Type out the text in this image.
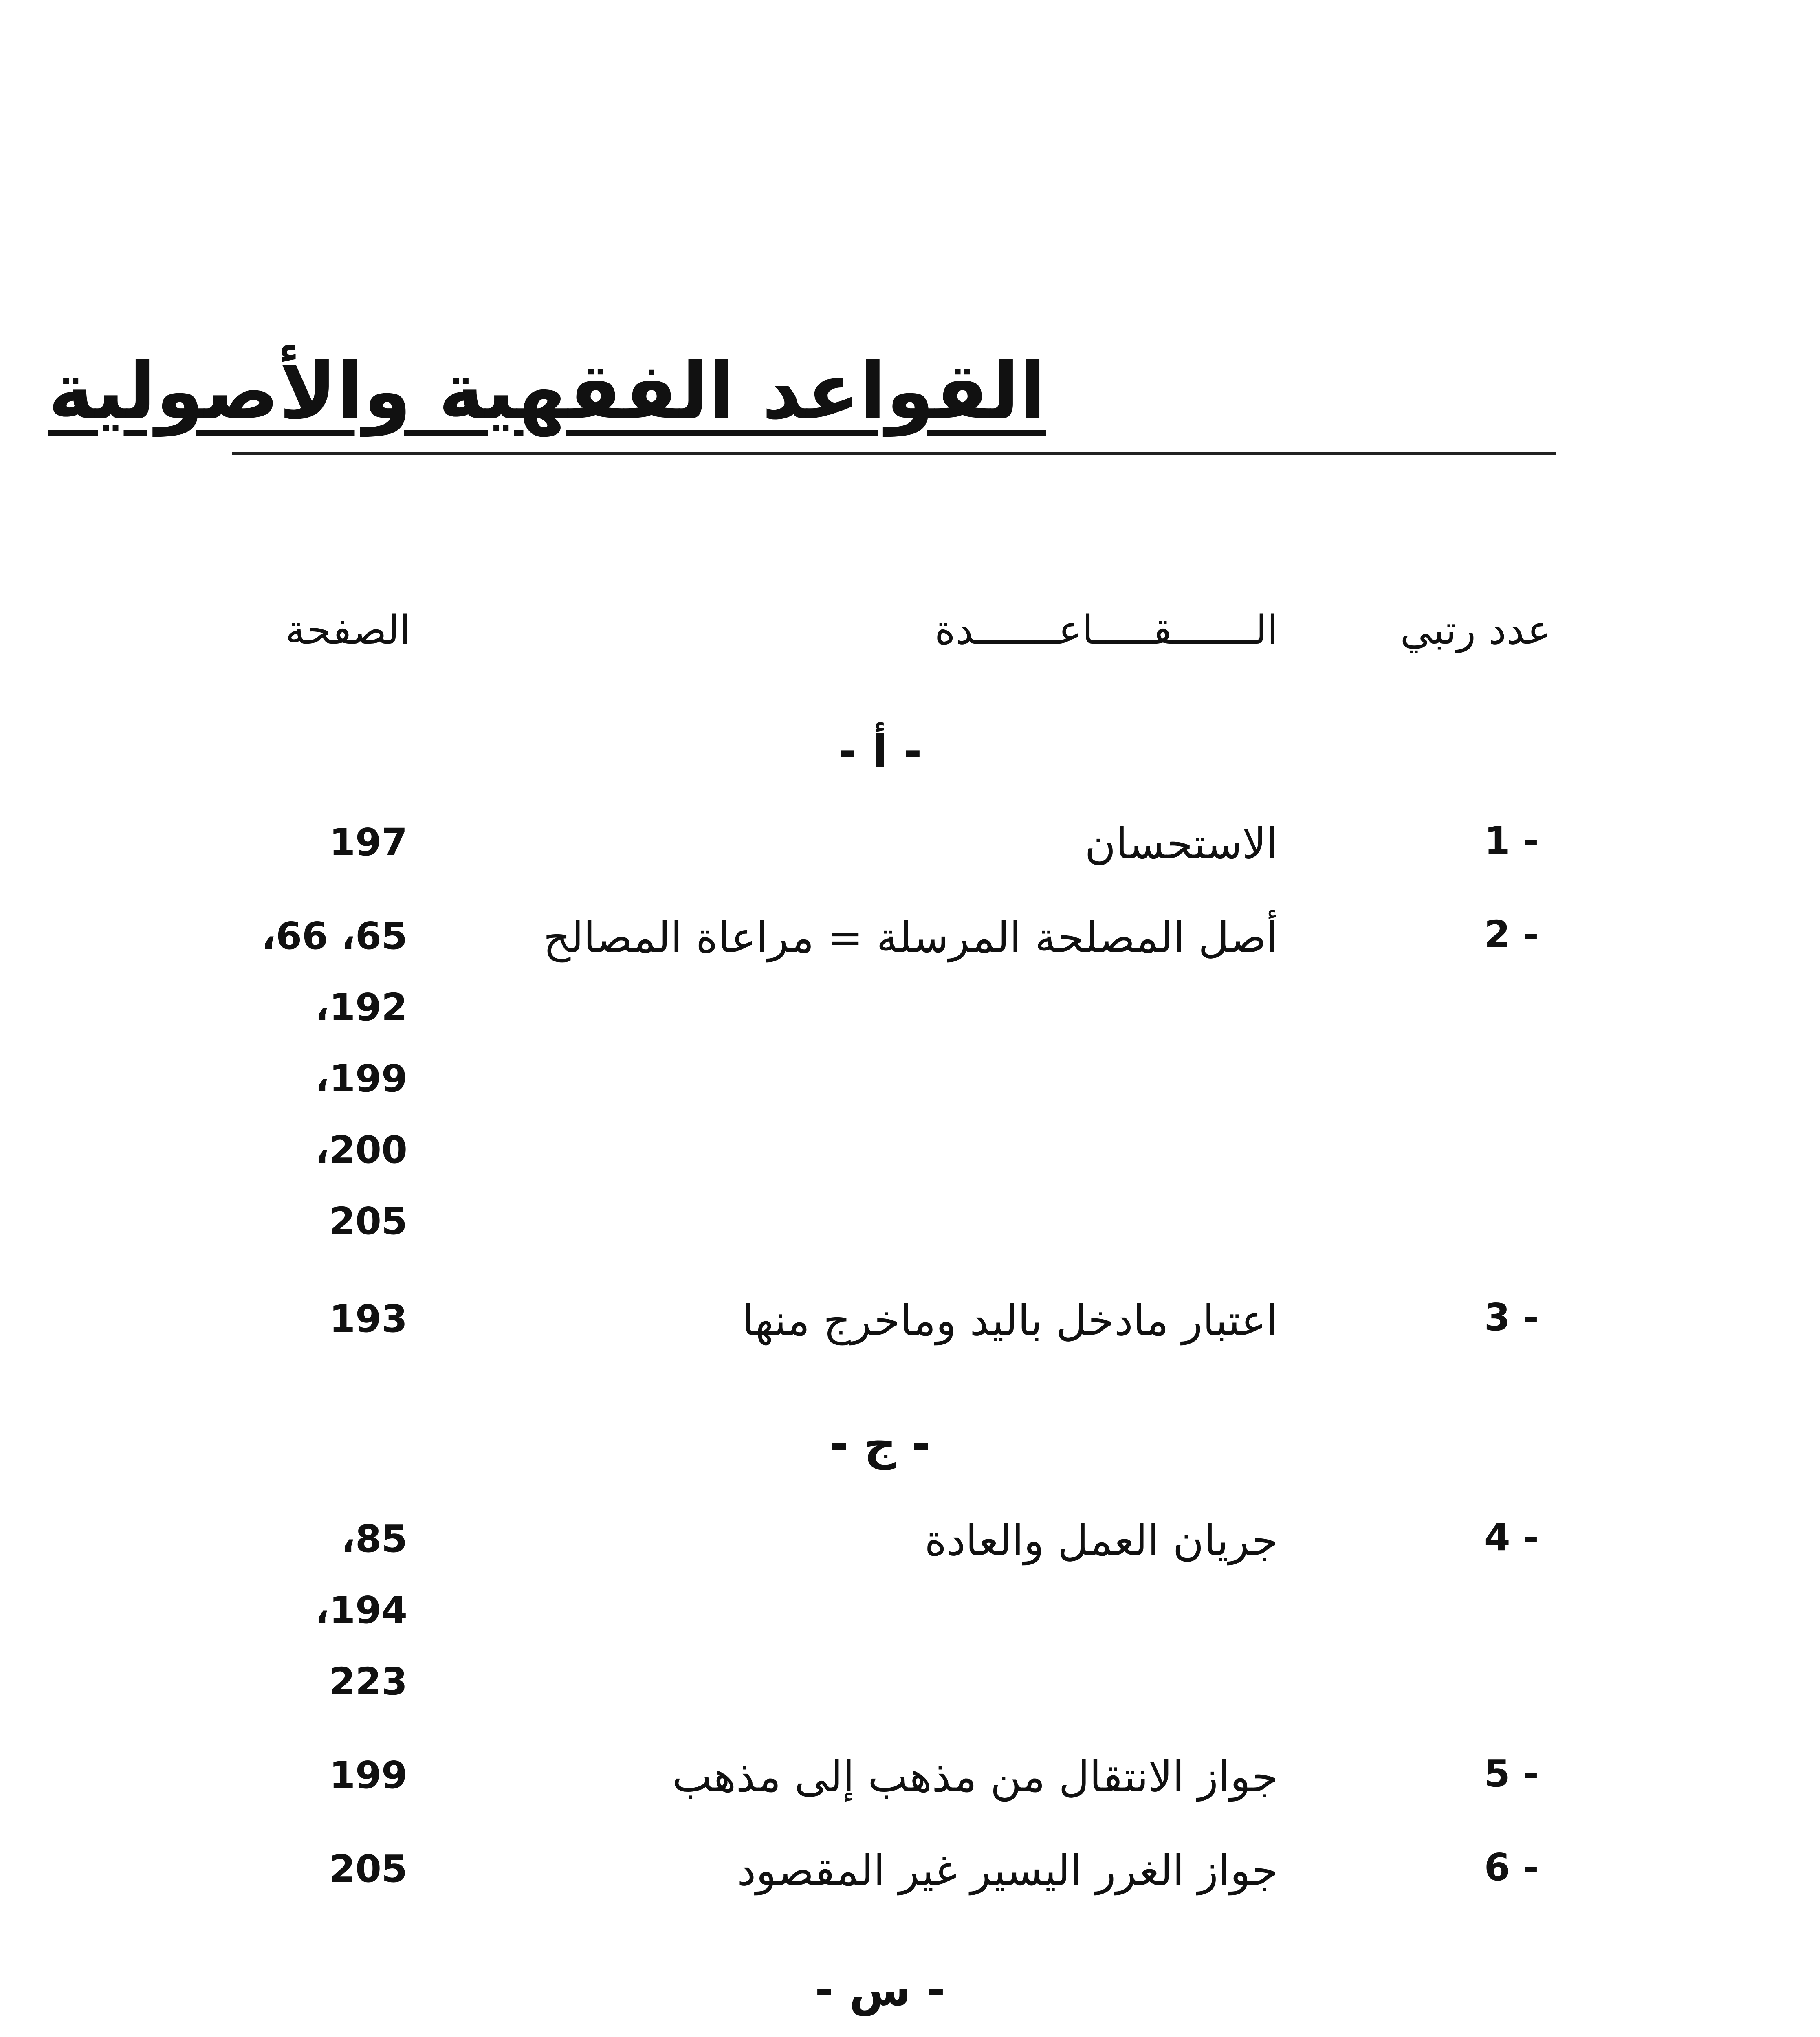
القواعد الفقهية والأصولية
عدد رتبي
الـــــــقـــــاعـــــــدة
الصفحة
- أ -
1 -
الاستحسان
197
2 -
أصل المصلحة المرسلة = مراعاة المصالح
،66 ،65
،192
،199
،200
205
3 -
اعتبار مادخل باليد وماخرج منها
193
- ج -
4 -
جريان العمل والعادة
،85
،194
223
5 -
جواز الانتقال من مذهب إلى مذهب
199
6 -
جواز الغرر اليسير غير المقصود
205
- س -
